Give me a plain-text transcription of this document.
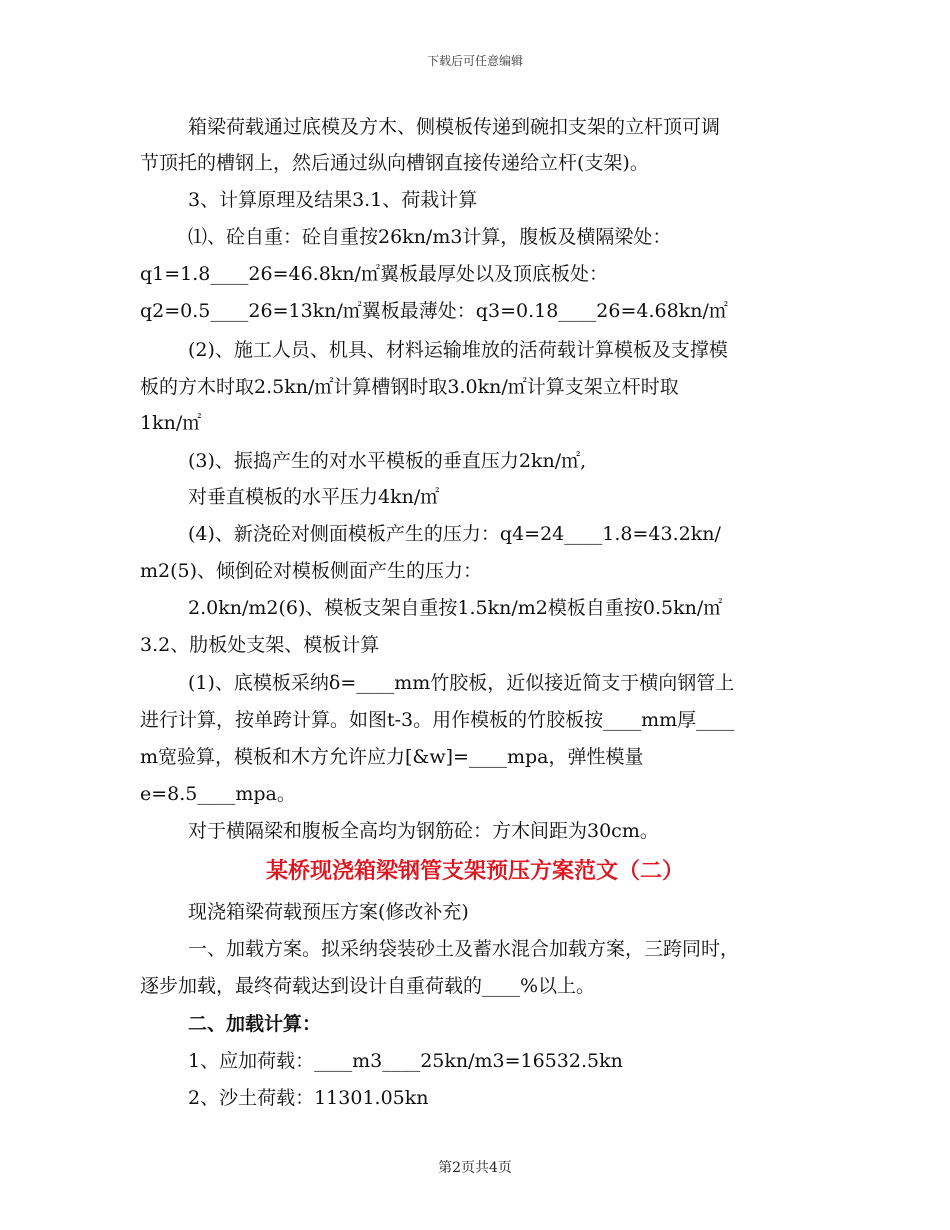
下载后可任意编辑
箱梁荷载通过底模及方木、侧模板传递到碗扣支架的立杆顶可调
节顶托的槽钢上，然后通过纵向槽钢直接传递给立杆(支架)。
3、计算原理及结果3.1、荷栽计算
⑴、砼自重：砼自重按26kn/m3计算，腹板及横隔梁处：
q1=1.8____26=46.8kn/㎡翼板最厚处以及顶底板处：
q2=0.5____26=13kn/㎡翼板最薄处：q3=0.18____26=4.68kn/㎡
(2)、施工人员、机具、材料运输堆放的活荷载计算模板及支撑模
板的方木时取2.5kn/㎡计算槽钢时取3.0kn/㎡计算支架立杆时取
1kn/㎡
(3)、振捣产生的对水平模板的垂直压力2kn/㎡,
对垂直模板的水平压力4kn/㎡
(4)、新浇砼对侧面模板产生的压力：q4=24____1.8=43.2kn/
m2(5)、倾倒砼对模板侧面产生的压力：
2.0kn/m2(6)、模板支架自重按1.5kn/m2模板自重按0.5kn/㎡
3.2、肋板处支架、模板计算
(1)、底模板采纳δ=____mm竹胶板，近似接近简支于横向钢管上
进行计算，按单跨计算。如图t-3。用作模板的竹胶板按____mm厚____
m宽验算，模板和木方允许应力[&w]=____mpa，弹性模量
e=8.5____mpa。
对于横隔梁和腹板全高均为钢筋砼：方木间距为30cm。
某桥现浇箱梁钢管支架预压方案范文（二）
现浇箱梁荷载预压方案(修改补充)
一、加载方案。拟采纳袋装砂土及蓄水混合加载方案，三跨同时，
逐步加载，最终荷载达到设计自重荷载的____%以上。
二、加载计算：
1、应加荷载：____m3____25kn/m3=16532.5kn
2、沙土荷载：11301.05kn
第2页共4页
